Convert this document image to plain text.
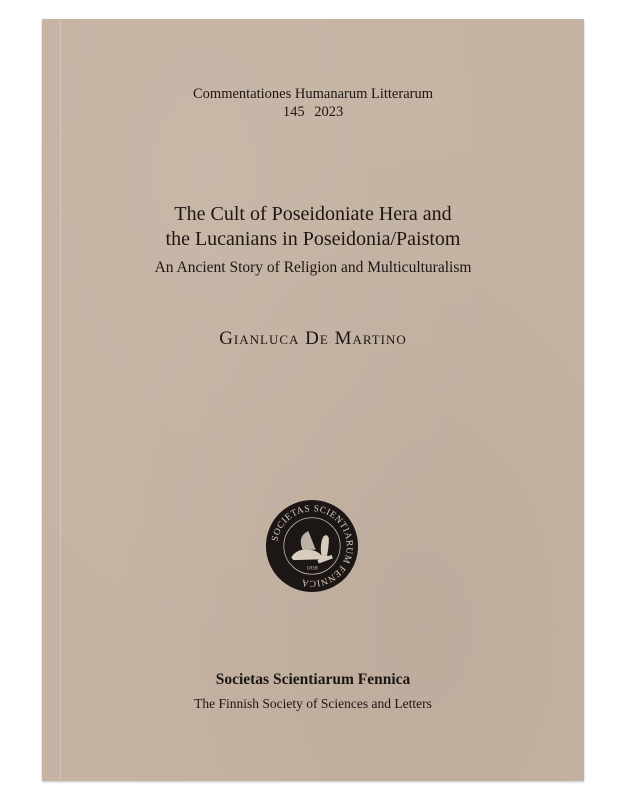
Commentationes Humanarum Litterarum
145 2023
The Cult of Poseidoniate Hera and
the Lucanians in Poseidonia/Paistom
An Ancient Story of Religion and Multiculturalism
Gianluca De Martino
SOCIETAS SCIENTIARUM FENNICA
1838
Societas Scientiarum Fennica
The Finnish Society of Sciences and Letters
